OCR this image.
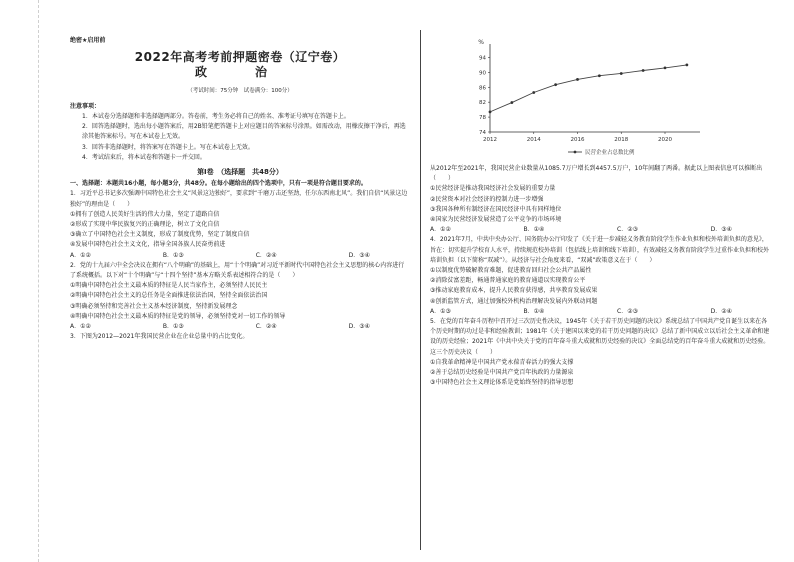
绝密★启用前
2022年高考考前押题密卷（辽宁卷）
政　治
（考试时间：75分钟　试卷满分：100分）
注意事项：
1．本试卷分选择题和非选择题两部分。答卷前，考生务必将自己的姓名、准考证号填写在答题卡上。
2．回答选择题时，选出每小题答案后，用2B铅笔把答题卡上对应题目的答案标号涂黑。如需改动，用橡皮擦干净后，再选涂其他答案标号。写在本试卷上无效。
3．回答非选择题时，将答案写在答题卡上。写在本试卷上无效。
4．考试结束后，将本试卷和答题卡一并交回。
第Ⅰ卷　（选择题　共48分）
一、选择题：本题共16小题，每小题3分，共48分。在每小题给出的四个选项中，只有一项是符合题目要求的。
1．习近平总书记多次强调中国特色社会主义“风景这边独好”，要求到“千磨万击还坚劲，任尔东西南北风”。我们自信“风景这边独好”的理由是（　　）
①拥有了创造人民美好生活的伟大力量，坚定了道路自信
②形成了实现中华民族复兴的正确理论，树立了文化自信
③确立了中国特色社会主义制度，形成了制度优势，坚定了制度自信
④发展中国特色社会主义文化，指导全国各族人民奋勇前进
A．①②	B．①③	C．②④	D．③④
2．党的十九届六中全会决议在拥有“八个明确”的基础上，用“十个明确”对习近平新时代中国特色社会主义思想的核心内容进行了系统概括。以下对“十个明确”与“十四个坚持”基本方略关系表述相符合的是（　　）
①明确中国特色社会主义最本质的特征是人民当家作主，必须坚持人民民主
②明确中国特色社会主义的总任务是全面推进依法治国，坚持全面依法治国
③明确必须坚持和完善社会主义基本经济制度，坚持新发展理念
④明确中国特色社会主义最本质的特征是党的领导，必须坚持党对一切工作的领导
A．①②	B．①③	C．②④	D．③④
3．下图为2012—2021年我国民营企业在企业总量中的占比变化。
%
74
78
82
86
90
94
2012	2014	2016	2018	2020
民营企业占总数比例
从2012年至2021年，我国民营企业数量从1085.7万户增长到4457.5万户，10年间翻了两番。据此以上图表信息可以推断出（　　）
①民营经济是推动我国经济社会发展的重要力量
②民营资本对社会经济的控制力进一步增强
③我国各种所有制经济在国民经济中具有同样地位
④国家为民营经济发展营造了公平竞争的市场环境
A．①②	B．①④	C．②③	D．③④
4．2021年7月，中共中央办公厅、国务院办公厅印发了《关于进一步减轻义务教育阶段学生作业负担和校外培训负担的意见》，旨在：切实提升学校育人水平，持续规范校外培训（包括线上培训和线下培训），有效减轻义务教育阶段学生过重作业负担和校外培训负担（以下简称“双减”）。从经济与社会角度来看，“双减”政策意义在于（　　）
①以制度优势破解教育难题，促进教育回归社会公共产品属性
②消除贫富差距，畅通普通家庭的教育通道以实现教育公平
③推动家庭教育成本，提升人民教育获得感，共享教育发展成果
④创新监管方式，通过加强校外机构治理解决发展内外联动问题
A．①③	B．①④	C．②③	D．②④
5．在党的百年奋斗历程中召开过三次历史性决议，1945年《关于若干历史问题的决议》系统总结了中国共产党自诞生以来在各个历史时期的功过是非和经验教训；1981年《关于建国以来党的若干历史问题的决议》总结了新中国成立以后社会主义革命和建设的历史经验；2021年《中共中央关于党的百年奋斗重大成就和历史经验的决议》全面总结党的百年奋斗重大成就和历史经验。这三个历史决议（　　）
①自我革命精神是中国共产党永葆青春活力的强大支撑
②善于总结历史经验是中国共产党百年执政的力量源泉
③中国特色社会主义理论体系是党始终坚持的指导思想
